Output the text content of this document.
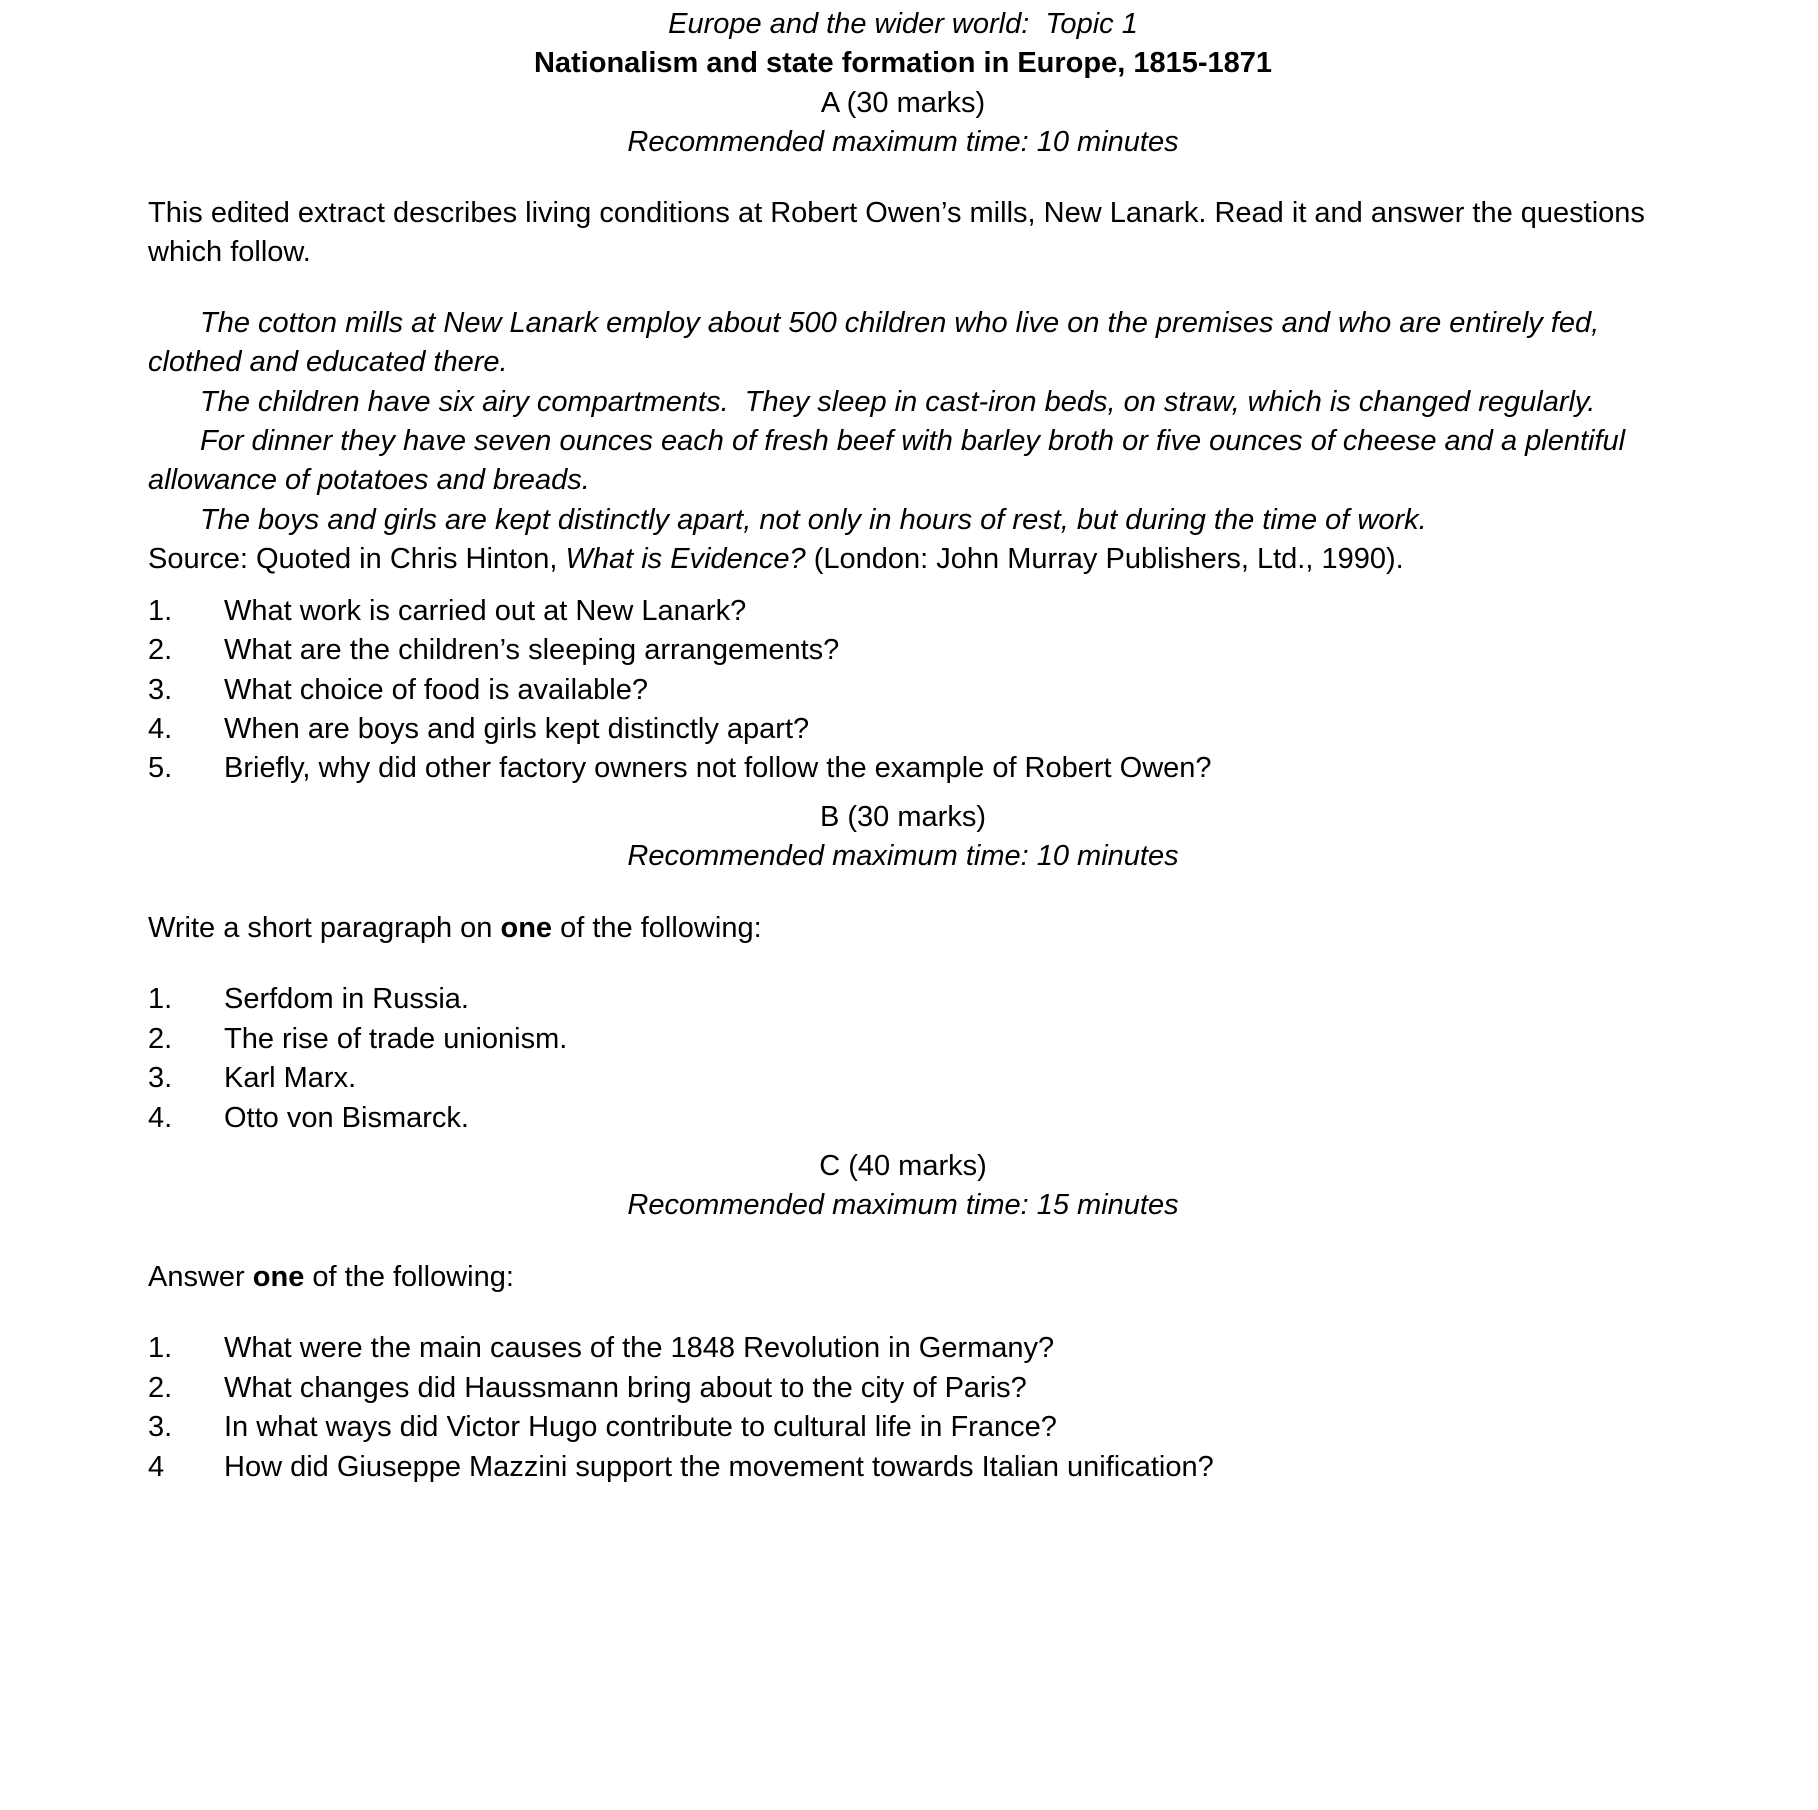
Europe and the wider world:  Topic 1
Nationalism and state formation in Europe, 1815-1871
A (30 marks)
Recommended maximum time: 10 minutes

This edited extract describes living conditions at Robert Owen’s mills, New Lanark. Read it and answer the questions which follow.

The cotton mills at New Lanark employ about 500 children who live on the premises and who are entirely fed, clothed and educated there.

The children have six airy compartments.  They sleep in cast-iron beds, on straw, which is changed regularly.

For dinner they have seven ounces each of fresh beef with barley broth or five ounces of cheese and a plentiful allowance of potatoes and breads.

The boys and girls are kept distinctly apart, not only in hours of rest, but during the time of work.

Source: Quoted in Chris Hinton, What is Evidence? (London: John Murray Publishers, Ltd., 1990).

1.	What work is carried out at New Lanark?
2.	What are the children’s sleeping arrangements?
3.	What choice of food is available?
4.	When are boys and girls kept distinctly apart?
5.	Briefly, why did other factory owners not follow the example of Robert Owen?
B (30 marks)
Recommended maximum time: 10 minutes

Write a short paragraph on one of the following:

1.	Serfdom in Russia.
2.	The rise of trade unionism.
3.	Karl Marx.
4.	Otto von Bismarck.
C (40 marks)
Recommended maximum time: 15 minutes

Answer one of the following:

1.	What were the main causes of the 1848 Revolution in Germany?
2.	What changes did Haussmann bring about to the city of Paris?
3.	In what ways did Victor Hugo contribute to cultural life in France?
4	How did Giuseppe Mazzini support the movement towards Italian unification?
